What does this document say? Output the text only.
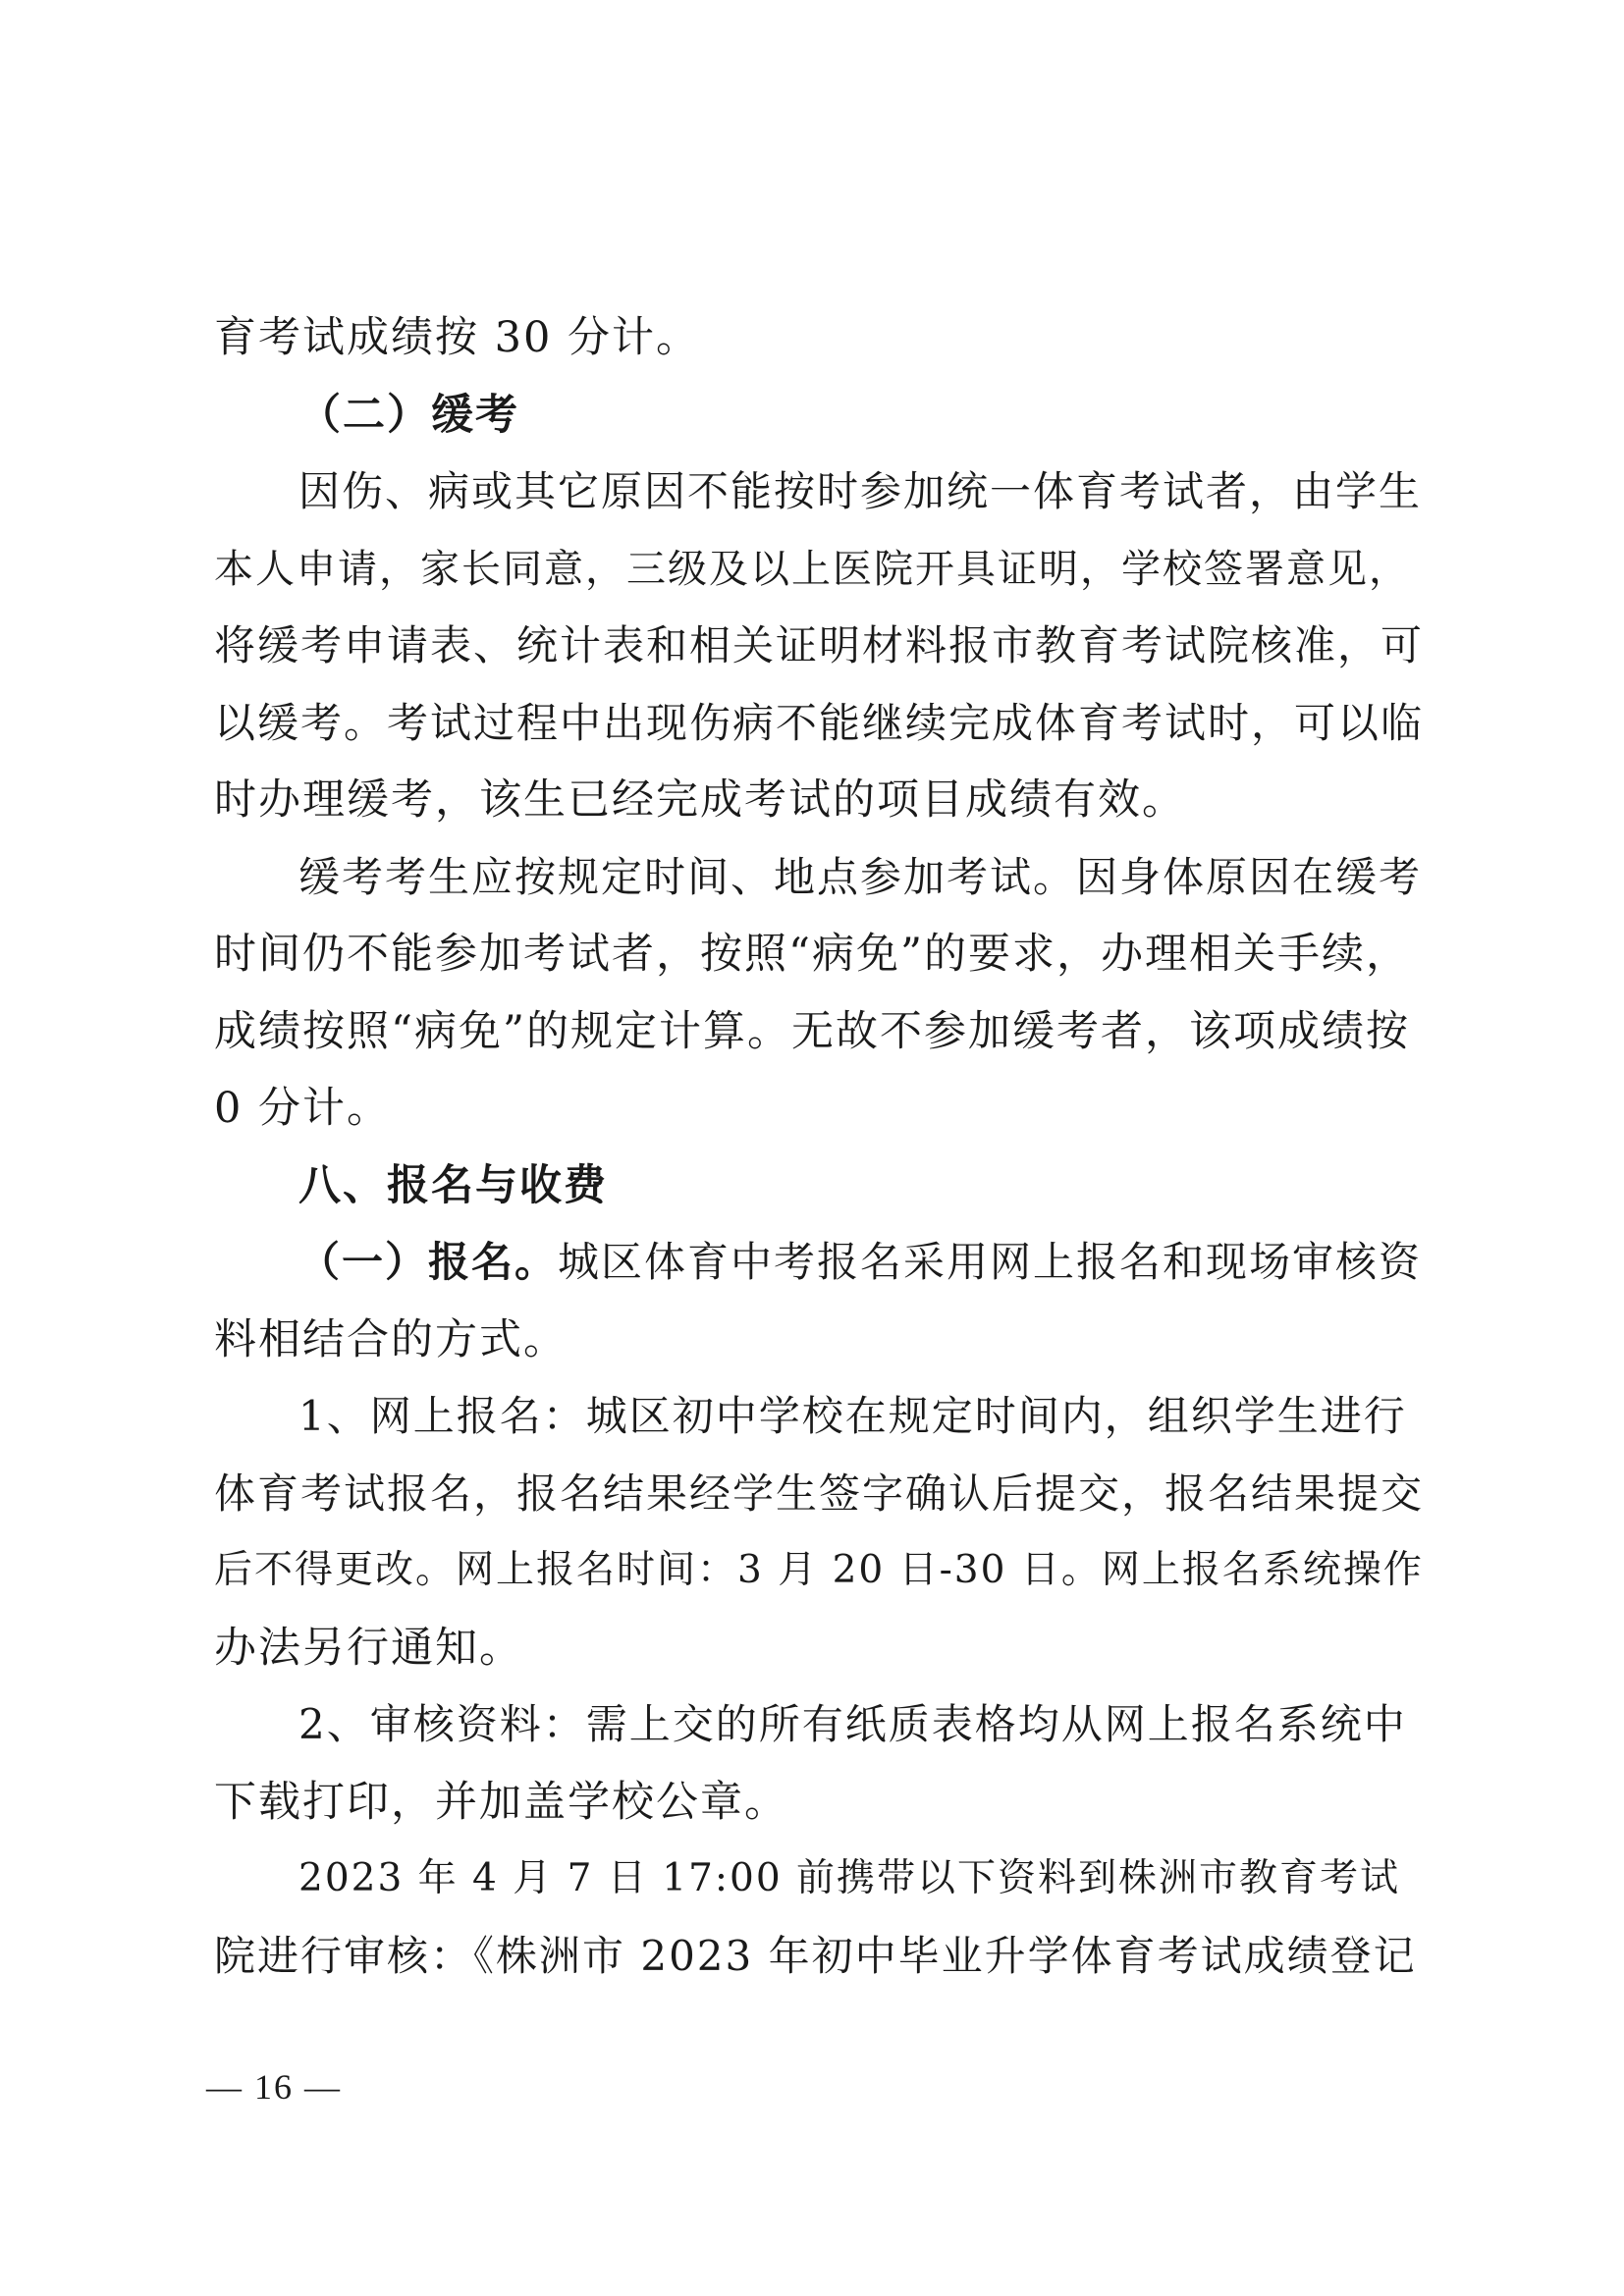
育考试成绩按 30 分计。
（二）缓考
因伤、病或其它原因不能按时参加统一体育考试者，由学生
本人申请，家长同意，三级及以上医院开具证明，学校签署意见，
将缓考申请表、统计表和相关证明材料报市教育考试院核准，可
以缓考。考试过程中出现伤病不能继续完成体育考试时，可以临
时办理缓考，该生已经完成考试的项目成绩有效。
缓考考生应按规定时间、地点参加考试。因身体原因在缓考
时间仍不能参加考试者，按照“病免”的要求，办理相关手续，
成绩按照“病免”的规定计算。无故不参加缓考者，该项成绩按
0 分计。
八、报名与收费
（一）报名。城区体育中考报名采用网上报名和现场审核资
料相结合的方式。
1、网上报名：城区初中学校在规定时间内，组织学生进行
体育考试报名，报名结果经学生签字确认后提交，报名结果提交
后不得更改。网上报名时间：3 月 20 日-30 日。网上报名系统操作
办法另行通知。
2、审核资料：需上交的所有纸质表格均从网上报名系统中
下载打印，并加盖学校公章。
2023 年 4 月 7 日 17:00 前携带以下资料到株洲市教育考试
院进行审核：《株洲市 2023 年初中毕业升学体育考试成绩登记
— 16 —
